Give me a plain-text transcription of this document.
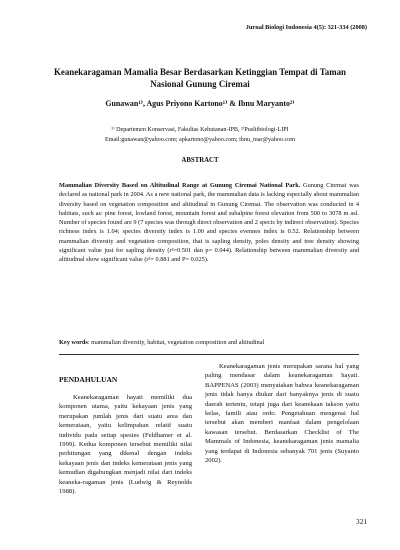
Jurnal Biologi Indonesia 4(5): 321-334 (2008)
Keanekaragaman Mamalia Besar Berdasarkan Ketinggian Tempat di Taman Nasional Gunung Ciremai
Gunawan¹⁾, Agus Priyono Kartono¹⁾ & Ibnu Maryanto²⁾
¹⁾ Departemen Konservasi, Fakultas Kehutanan-IPB, ²⁾Puslitbiologi-LIPI
Email:gunawan@yahoo.com; apkartono@yahoo.com; ibnu_mar@yahoo.com
ABSTRACT
Mammalian Diversity Based on Altitudinal Range at Gunung Ciremai National Park. Gunung Ciremai was declared as national park in 2004. As a new national park, the mammalian data is lacking especially about mammalian diversity based on vegetation composition and altitudinal in Gunung Ciremai. The observation was conducted in 4 habitats, such as: pine forest, lowland forest, mountain forest and subalpine forest elevation from 500 to 3078 m asl. Number of species found are 9 (7 species was through direct observation and 2 specis by indirect observation). Species richness index is 1.04; species diversity index is 1.00 and species evennes index is 0.52. Relationship between mammalian diversity and vegetation composition, that is sapling density, poles density and tree density showing significant value just for sapling density (r²=0.501 dan p= 0.044). Relationship between mammalian diversity and altitudinal show significant value (r²= 0.881 and P= 0.025).
Key words: mammalian diversity, habitat, vegetation composition and altitudinal
PENDAHULUAN
Keanekaragaman hayati memiliki dua komponen utama, yaitu kekayaan jenis yang merupakan jumlah jenis dari suatu area dan kemerataan, yaitu kelimpahan relatif suatu individu pada setiap spesies (Feldhamer et al. 1999). Kedua komponen tersebut memiliki nilai perhitungan yang dikenal dengan indeks kekayaan jenis dan indeks kemerataan jenis yang kemudian digabungkan menjadi nilai dari indeks keaneka-ragaman jenis (Ludwig & Reynolds 1988).
Keanekaragaman jenis merupakan sarana hal yang paling mendasar dalam keanekaragaman hayati. BAPPENAS (2003) menyatakan bahwa keanekaragaman jenis tidak hanya diukur dari banyaknya jenis di suatu daerah tertentu, tetapi juga dari keanekaan takson yaitu kelas, famili atau ordo. Pengetahuan mengenai hal tersebut akan memberi manfaat dalam pengelolaan kawasan tersebut. Berdasarkan Checklist of The Mammals of Indonesia, keanekaragaman jenis mamalia yang terdapat di Indonesia sebanyak 701 jenis (Suyanto 2002).
321
